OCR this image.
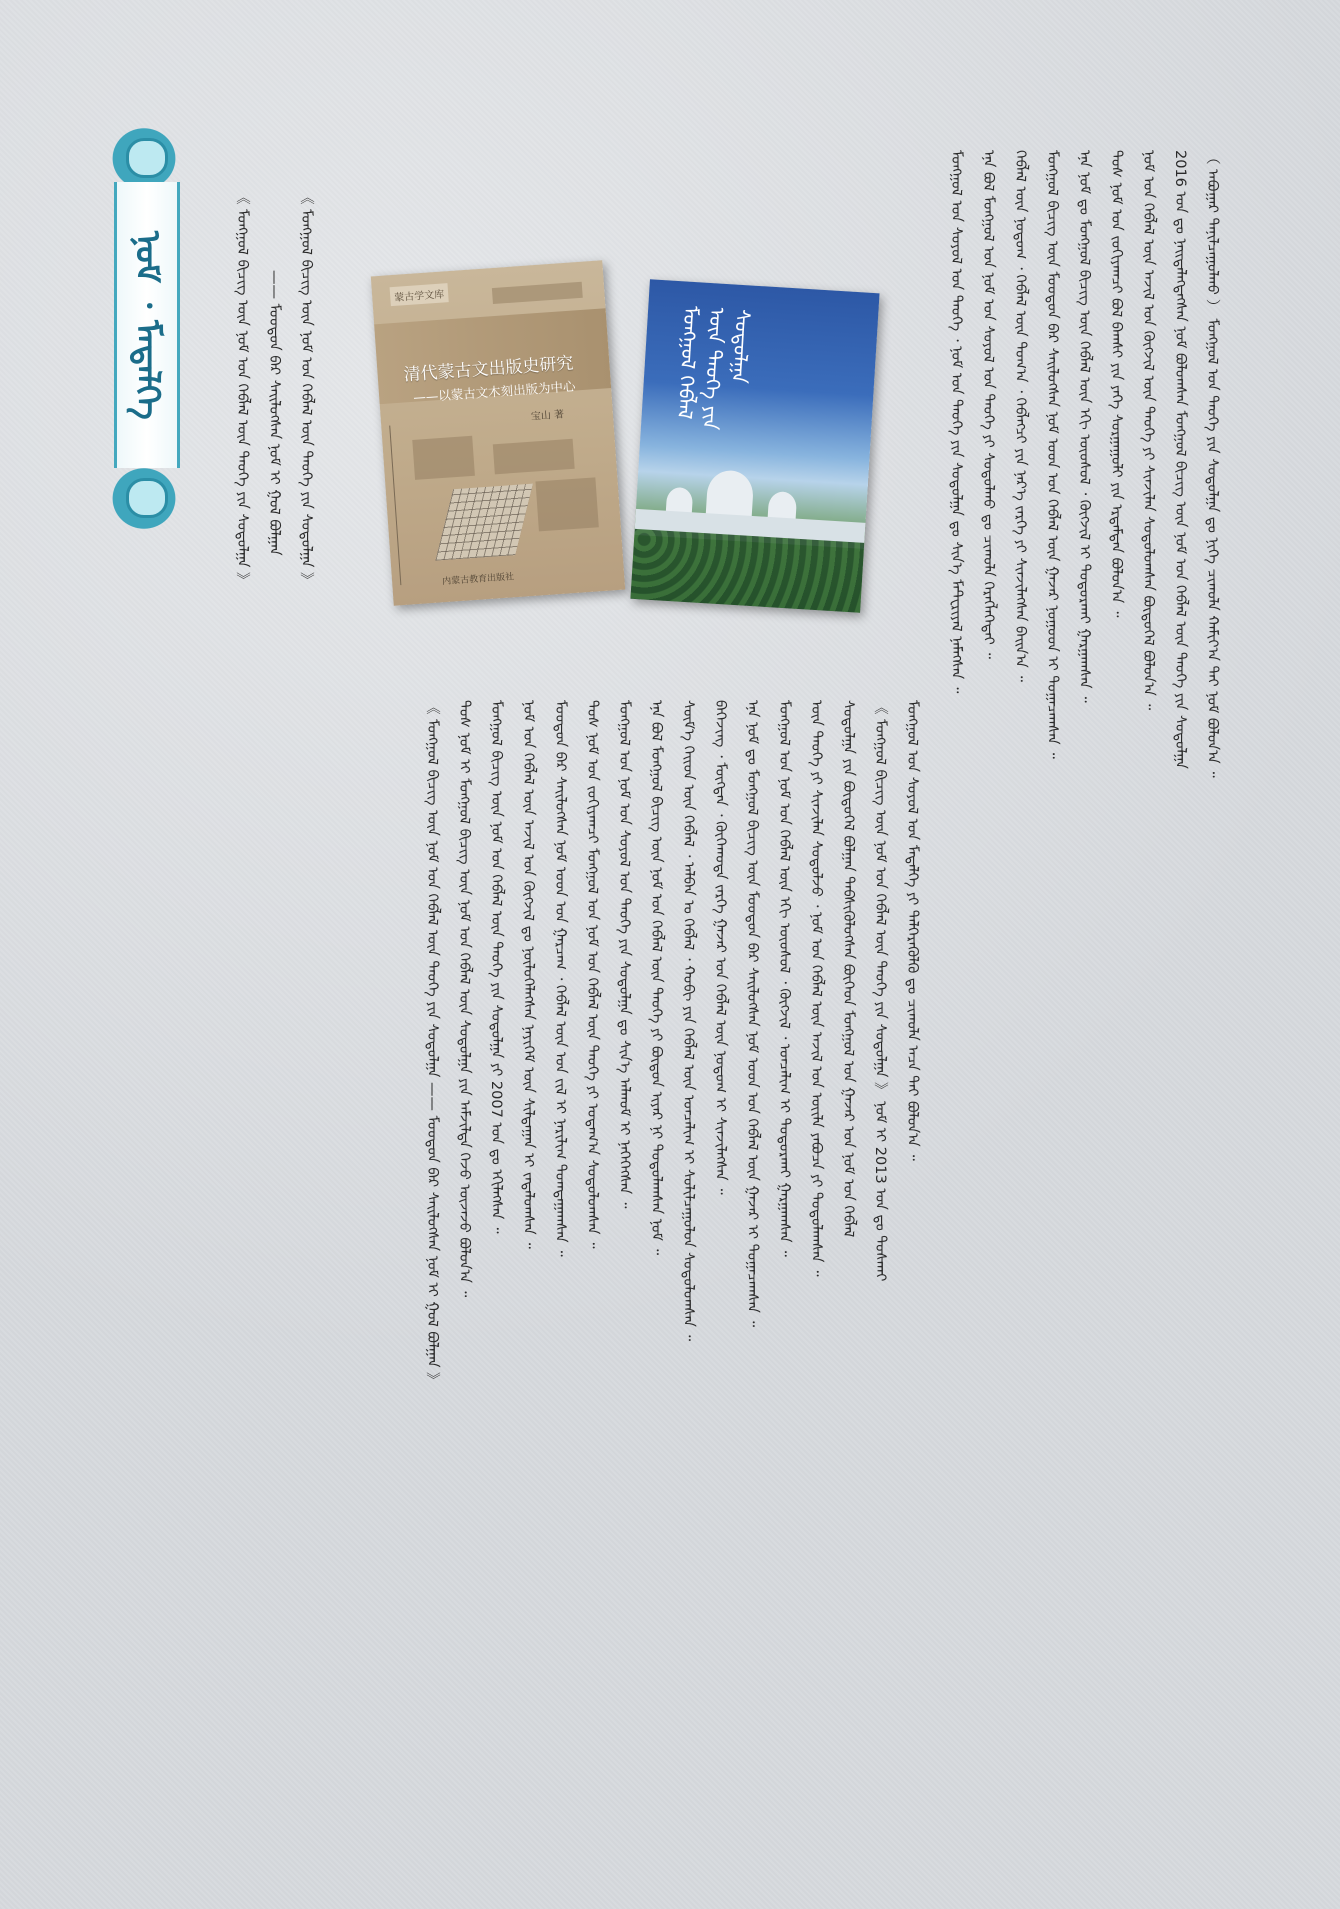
ᠨᠣᠮ ᠂ ᠮᠡᠳᠡᠯᠭᠡ	《 ᠮᠣᠩᠭᠣᠯ ᠪᠢᠴᠢᠭ ᠦᠨ ᠨᠣᠮ ᠤᠨ ᠬᠡᠪᠯᠡᠯ ᠦᠨ ᠲᠡᠦᠬᠡ ᠶᠢᠨ ᠰᠤᠳᠤᠯᠭᠠ 》 —— ᠮᠣᠤᠳᠤᠨ ᠪᠠᠷ ᠰᠡᠢᠯᠦᠭᠰᠡᠨ ᠨᠣᠮ ᠢ ᠭᠣᠯ ᠪᠣᠯᠭᠠᠨ 《 ᠮᠣᠩᠭᠣᠯ ᠪᠢᠴᠢᠭ ᠦᠨ ᠨᠣᠮ ᠤᠨ ᠬᠡᠪᠯᠡᠯ ᠦᠨ ᠲᠡᠦᠬᠡ ᠶᠢᠨ ᠰᠤᠳᠤᠯᠭᠠ 》	蒙古学文库
清代蒙古文出版史研究
——以蒙古文木刻出版为中心
宝山 著
内蒙古教育出版社
ᠮᠣᠩᠭᠣᠯ ᠬᠡᠪᠯᠡᠯ ᠦᠨ ᠲᠡᠦᠬᠡ ᠶᠢᠨ ᠰᠤᠳᠤᠯᠭᠠ	（ ᠠᠪᠤᠭᠠᠷ ᠲᠠᠨᠢᠯᠴᠠᠭᠤᠯᠬᠤ ） ᠮᠣᠩᠭᠣᠯ ᠤᠨ ᠲᠡᠦᠬᠡ ᠶᠢᠨ ᠰᠤᠳᠤᠯᠭᠠ ᠳᠤ ᠨᠢᠭᠡ ᠴᠢᠬᠤᠯᠠ ᠬᠠᠮᠢᠶ᠎ᠠ ᠲᠠᠢ ᠨᠣᠮ ᠪᠣᠯᠤᠨ᠎ᠠ ᠃
2016 ᠣᠨ ᠳᠤ ᠨᠡᠢᠲᠡᠯᠡᠭᠳᠡᠭᠰᠡᠨ ᠨᠣᠮ ᠪᠣᠯᠤᠭᠰᠠᠨ ᠮᠣᠩᠭᠣᠯ ᠪᠢᠴᠢᠭ ᠦᠨ ᠨᠣᠮ ᠤᠨ ᠬᠡᠪᠯᠡᠯ ᠦᠨ ᠲᠡᠦᠬᠡ ᠶᠢᠨ ᠰᠤᠳᠤᠯᠭᠠ
ᠨᠣᠮ ᠤᠨ ᠬᠡᠪᠯᠡᠯ ᠦᠨ ᠠᠵᠢᠯ ᠤᠨ ᠬᠦᠭᠵᠢᠯ ᠦᠨ ᠲᠡᠦᠬᠡ ᠶᠢ ᠰᠢᠨᠵᠢᠯᠡᠨ ᠰᠤᠳᠤᠯᠤᠭᠰᠠᠨ ᠪᠦᠲᠦᠭᠡᠯ ᠪᠣᠯᠤᠨ᠎ᠠ ᠃
ᠲᠤᠰ ᠨᠣᠮ ᠤᠨ ᠵᠣᠬᠢᠶᠠᠭᠴᠢ ᠪᠣᠯ ᠪᠠᠭᠰᠢ ᠶᠢᠨ ᠶᠡᠬᠡ ᠰᠤᠷᠭᠠᠭᠤᠯᠢ ᠶᠢᠨ ᠡᠷᠳᠡᠮᠲᠡᠨ ᠪᠣᠯᠤᠨ᠎ᠠ ᠃
ᠡᠨᠡ ᠨᠣᠮ ᠳᠤ ᠮᠣᠩᠭᠣᠯ ᠪᠢᠴᠢᠭ ᠦᠨ ᠬᠡᠪᠯᠡᠯ ᠦᠨ ᠡᠬᠢ ᠦᠦᠰᠦᠯ ᠂ ᠬᠦᠭᠵᠢᠯ ᠢ ᠲᠣᠳᠤᠷᠬᠠᠢ ᠭᠠᠷᠭᠠᠭᠰᠠᠨ ᠃
ᠮᠣᠩᠭᠣᠯ ᠪᠢᠴᠢᠭ ᠦᠨ ᠮᠣᠤᠳᠤᠨ ᠪᠠᠷ ᠰᠡᠢᠯᠦᠭᠰᠡᠨ ᠨᠣᠮ ᠤᠳ ᠤᠨ ᠬᠡᠪᠯᠡᠯ ᠦᠨ ᠭᠠᠵᠠᠷ ᠨᠤᠭᠤᠳ ᠢ ᠲᠣᠭᠠᠴᠠᠭᠰᠠᠨ ᠃
ᠬᠡᠪᠯᠡᠯ ᠦᠨ ᠨᠤᠲᠤᠭ ᠂ ᠬᠡᠪᠯᠡᠯ ᠦᠨ ᠲᠣᠭ᠎ᠠ ᠂ ᠬᠡᠪᠯᠡᠭᠴᠢ ᠶᠢᠨ ᠨᠡᠷ᠎ᠡ ᠵᠡᠷᠭᠡ ᠶᠢ ᠰᠢᠨᠵᠢᠯᠡᠭᠰᠡᠨ ᠪᠠᠢᠨ᠎ᠠ ᠃
ᠡᠨᠡ ᠪᠣᠯ ᠮᠣᠩᠭᠣᠯ ᠤᠨ ᠨᠣᠮ ᠤᠨ ᠰᠣᠶᠣᠯ ᠤᠨ ᠲᠡᠦᠬᠡ ᠶᠢ ᠰᠤᠳᠤᠯᠬᠤ ᠳᠤ ᠴᠢᠬᠤᠯᠠ ᠬᠡᠷᠡᠭᠯᠡᠭᠡᠲᠡᠢ ᠃
ᠮᠣᠩᠭᠣᠯ ᠤᠨ ᠰᠣᠶᠣᠯ ᠤᠨ ᠲᠡᠦᠬᠡ ᠂ ᠨᠣᠮ ᠤᠨ ᠲᠡᠦᠬᠡ ᠶᠢᠨ ᠰᠤᠳᠤᠯᠭᠠ ᠳᠤ ᠰᠢᠨ᠎ᠡ ᠮᠠᠲ᠋ᠧᠷᠢᠶᠠᠯ ᠨᠡᠮᠡᠭᠰᠡᠨ ᠃
ᠮᠣᠩᠭᠣᠯ ᠤᠨ ᠰᠣᠶᠣᠯ ᠤᠨ ᠮᠡᠳᠡᠯᠭᠡ ᠶᠢ ᠳᠡᠯᠭᠡᠷᠡᠭᠦᠯᠬᠦ ᠳᠤ ᠴᠢᠬᠤᠯᠠ ᠠᠴᠠ ᠲᠠᠢ ᠪᠣᠯᠤᠨ᠎ᠠ ᠃
《 ᠮᠣᠩᠭᠣᠯ ᠪᠢᠴᠢᠭ ᠦᠨ ᠨᠣᠮ ᠤᠨ ᠬᠡᠪᠯᠡᠯ ᠦᠨ ᠲᠡᠦᠬᠡ ᠶᠢᠨ ᠰᠤᠳᠤᠯᠭᠠ 》 ᠨᠣᠮ ᠢ 2013 ᠣᠨ ᠳᠤ ᠲᠤᠰᠬᠠᠢ
ᠰᠤᠳᠤᠯᠭᠠ ᠶᠢᠨ ᠪᠦᠲᠦᠭᠡᠯ ᠪᠣᠯᠭᠠᠨ ᠳᠡᠪᠰᠢᠭᠦᠯᠦᠭᠰᠡᠨ ᠪᠥᠭᠡᠳ ᠮᠣᠩᠭᠣᠯ ᠤᠨ ᠭᠠᠵᠠᠷ ᠤᠨ ᠨᠣᠮ ᠤᠨ ᠬᠡᠪᠯᠡᠯ
ᠦᠨ ᠲᠡᠦᠬᠡ ᠶᠢ ᠰᠢᠨᠵᠢᠯᠡᠨ ᠰᠤᠳᠤᠯᠵᠤ ᠂ ᠨᠣᠮ ᠤᠨ ᠬᠡᠪᠯᠡᠯ ᠦᠨ ᠠᠵᠢᠯ ᠤᠨ ᠦᠢᠯᠡ ᠶᠠᠪᠤᠴᠠ ᠶᠢ ᠲᠣᠳᠤᠯᠠᠭᠰᠠᠨ ᠃
ᠮᠣᠩᠭᠣᠯ ᠤᠨ ᠨᠣᠮ ᠤᠨ ᠬᠡᠪᠯᠡᠯ ᠦᠨ ᠡᠬᠢ ᠦᠦᠰᠦᠯ ᠂ ᠬᠦᠭᠵᠢᠯ ᠂ ᠣᠨᠴᠠᠯᠢᠭ ᠢ ᠲᠣᠳᠤᠷᠬᠠᠢ ᠭᠠᠷᠭᠠᠭᠰᠠᠨ ᠃
ᠡᠨᠡ ᠨᠣᠮ ᠳᠤ ᠮᠣᠩᠭᠣᠯ ᠪᠢᠴᠢᠭ ᠦᠨ ᠮᠣᠤᠳᠤᠨ ᠪᠠᠷ ᠰᠡᠢᠯᠦᠭᠰᠡᠨ ᠨᠣᠮ ᠤᠳ ᠤᠨ ᠬᠡᠪᠯᠡᠯ ᠦᠨ ᠭᠠᠵᠠᠷ ᠢ ᠲᠣᠭᠠᠴᠠᠭᠰᠠᠨ ᠃
ᠪᠡᠭᠡᠵᠢᠩ ᠂ ᠮᠥᠬᠳᠡᠨ ᠂ ᠬᠥᠬᠡᠬᠣᠲᠠ ᠵᠡᠷᠭᠡ ᠭᠠᠵᠠᠷ ᠤᠨ ᠬᠡᠪᠯᠡᠯ ᠦᠨ ᠨᠤᠲᠤᠭ ᠢ ᠰᠢᠨᠵᠢᠯᠡᠭᠰᠡᠨ ᠃
ᠰᠦᠮ᠎ᠡ ᠬᠡᠢᠳ ᠦᠨ ᠬᠡᠪᠯᠡᠯ ᠂ ᠠᠯᠪᠠᠨ ᠤ ᠬᠡᠪᠯᠡᠯ ᠂ ᠬᠤᠪᠢ ᠶᠢᠨ ᠬᠡᠪᠯᠡᠯ ᠦᠨ ᠣᠨᠴᠠᠯᠢᠭ ᠢ ᠰᠣᠯᠢᠯᠴᠠᠭᠤᠯᠤᠨ ᠰᠤᠳᠤᠯᠤᠭᠰᠠᠨ ᠃
ᠡᠨᠡ ᠪᠣᠯ ᠮᠣᠩᠭᠣᠯ ᠪᠢᠴᠢᠭ ᠦᠨ ᠨᠣᠮ ᠤᠨ ᠬᠡᠪᠯᠡᠯ ᠦᠨ ᠲᠡᠦᠬᠡ ᠶᠢ ᠪᠦᠲᠦᠨ ᠢᠶᠡᠷ ᠨᠢ ᠲᠣᠳᠤᠯᠠᠭᠰᠠᠨ ᠨᠣᠮ ᠃
ᠮᠣᠩᠭᠣᠯ ᠤᠨ ᠨᠣᠮ ᠤᠨ ᠰᠣᠶᠣᠯ ᠤᠨ ᠲᠡᠦᠬᠡ ᠶᠢᠨ ᠰᠤᠳᠤᠯᠭᠠ ᠳᠤ ᠰᠢᠨ᠎ᠡ ᠠᠯᠬᠤᠮ ᠢ ᠨᠡᠭᠡᠭᠡᠭᠰᠡᠨ ᠃
ᠲᠤᠰ ᠨᠣᠮ ᠤᠨ ᠵᠣᠬᠢᠶᠠᠭᠴᠢ ᠮᠣᠩᠭᠣᠯ ᠤᠨ ᠨᠣᠮ ᠤᠨ ᠬᠡᠪᠯᠡᠯ ᠦᠨ ᠲᠡᠦᠬᠡ ᠶᠢ ᠤᠳᠠᠭ᠎ᠠ ᠰᠤᠳᠤᠯᠤᠭᠰᠠᠨ ᠃
ᠮᠣᠤᠳᠤᠨ ᠪᠠᠷ ᠰᠡᠢᠯᠦᠭᠰᠡᠨ ᠨᠣᠮ ᠤᠳ ᠤᠨ ᠭᠠᠷᠴᠠᠭ ᠂ ᠬᠡᠪᠯᠡᠯ ᠦᠨ ᠣᠨ ᠵᠢᠯ ᠢ ᠨᠠᠷᠢᠯᠢᠭ ᠲᠣᠭᠲᠠᠭᠠᠭᠰᠠᠨ ᠃
ᠨᠣᠮ ᠤᠨ ᠬᠡᠪᠯᠡᠯ ᠦᠨ ᠠᠵᠢᠯ ᠤᠨ ᠬᠦᠭᠵᠢᠯ ᠳᠤ ᠨᠥᠯᠥᠭᠡᠯᠡᠭᠰᠡᠨ ᠨᠡᠶᠢᠭᠡᠮ ᠦᠨ ᠰᠢᠯᠲᠠᠭᠠᠨ ᠢ ᠵᠠᠳᠠᠯᠤᠭᠰᠠᠨ ᠃
ᠮᠣᠩᠭᠣᠯ ᠪᠢᠴᠢᠭ ᠦᠨ ᠨᠣᠮ ᠤᠨ ᠬᠡᠪᠯᠡᠯ ᠦᠨ ᠲᠡᠦᠬᠡ ᠶᠢᠨ ᠰᠤᠳᠤᠯᠭᠠ ᠶᠢ 2007 ᠣᠨ ᠳᠤ ᠡᠬᠢᠯᠡᠭᠰᠡᠨ ᠃
ᠲᠤᠰ ᠨᠣᠮ ᠢ ᠮᠣᠩᠭᠣᠯ ᠪᠢᠴᠢᠭ ᠦᠨ ᠨᠣᠮ ᠤᠨ ᠬᠡᠪᠯᠡᠯ ᠦᠨ ᠰᠤᠳᠤᠯᠭᠠ ᠶᠢᠨ ᠠᠮᠵᠢᠯᠲᠠ ᠭᠡᠵᠦ ᠦᠵᠡᠵᠦ ᠪᠣᠯᠤᠨ᠎ᠠ ᠃
《 ᠮᠣᠩᠭᠣᠯ ᠪᠢᠴᠢᠭ ᠦᠨ ᠨᠣᠮ ᠤᠨ ᠬᠡᠪᠯᠡᠯ ᠦᠨ ᠲᠡᠦᠬᠡ ᠶᠢᠨ ᠰᠤᠳᠤᠯᠭᠠ —— ᠮᠣᠤᠳᠤᠨ ᠪᠠᠷ ᠰᠡᠢᠯᠦᠭᠰᠡᠨ ᠨᠣᠮ ᠢ ᠭᠣᠯ ᠪᠣᠯᠭᠠᠨ 》
